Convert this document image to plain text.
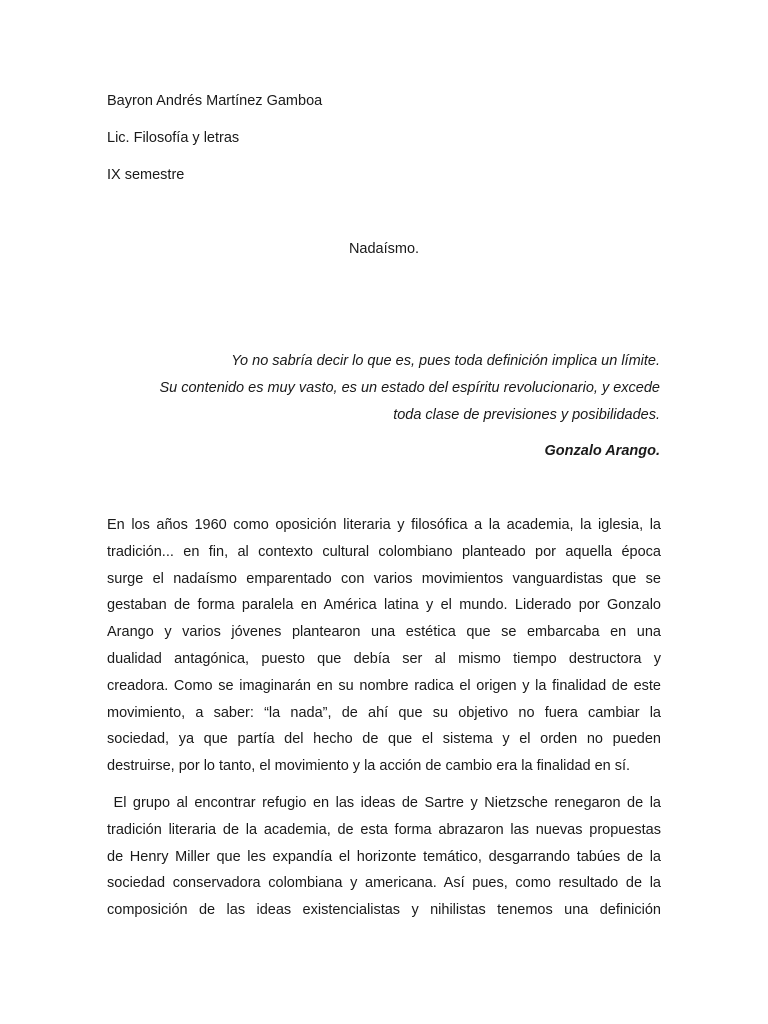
Bayron Andrés Martínez Gamboa
Lic. Filosofía y letras
IX semestre
Nadaísmo.
Yo no sabría decir lo que es, pues toda definición implica un límite.
Su contenido es muy vasto, es un estado del espíritu revolucionario, y excede
toda clase de previsiones y posibilidades.
Gonzalo Arango.
En los años 1960 como oposición literaria y filosófica a la academia, la iglesia, la
tradición... en fin, al contexto cultural colombiano planteado por aquella época
surge el nadaísmo emparentado con varios movimientos vanguardistas que se
gestaban de forma paralela en América latina y el mundo. Liderado por Gonzalo
Arango y varios jóvenes plantearon una estética que se embarcaba en una
dualidad antagónica, puesto que debía ser al mismo tiempo destructora y
creadora. Como se imaginarán en su nombre radica el origen y la finalidad de este
movimiento, a saber: “la nada”, de ahí que su objetivo no fuera cambiar la
sociedad, ya que partía del hecho de que el sistema y el orden no pueden
destruirse, por lo tanto, el movimiento y la acción de cambio era la finalidad en sí.
El grupo al encontrar refugio en las ideas de Sartre y Nietzsche renegaron de la
tradición literaria de la academia, de esta forma abrazaron las nuevas propuestas
de Henry Miller que les expandía el horizonte temático, desgarrando tabúes de la
sociedad conservadora colombiana y americana. Así pues, como resultado de la
composición de las ideas existencialistas y nihilistas tenemos una definición
